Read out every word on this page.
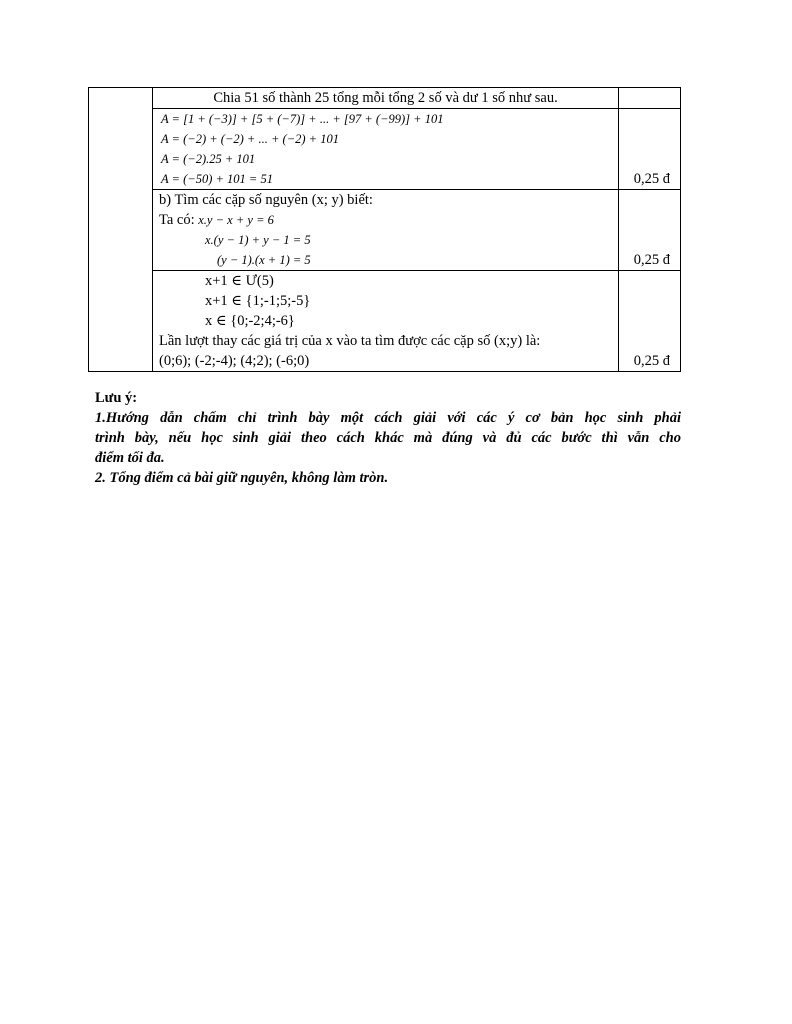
	Chia 51 số thành 25 tổng mỗi tổng 2 số và dư 1 số như sau.	

	A = [1 + (−3)] + [5 + (−7)] + ... + [97 + (−99)] + 101
A = (−2) + (−2) + ... + (−2) + 101
A = (−2).25 + 101
A = (−50) + 101 = 51	0,25 đ

	b) Tìm các cặp số nguyên (x; y) biết:
Ta có: x.y − x + y = 6
x.(y − 1) + y − 1 = 5
(y − 1).(x + 1) = 5	0,25 đ

	x+1 ∈ Ư(5)
x+1 ∈ {1;-1;5;-5}
x ∈ {0;-2;4;-6}
Lần lượt thay các giá trị của x vào ta tìm được các cặp số (x;y) là:
(0;6); (-2;-4); (4;2); (-6;0)	0,25 đ
Lưu ý:
1.Hướng dẫn chấm chỉ trình bày một cách giải với các ý cơ bản học sinh phải
trình bày, nếu học sinh giải theo cách khác mà đúng và đủ các bước thì vẫn cho
điểm tối đa.
2. Tổng điểm cả bài giữ nguyên, không làm tròn.
